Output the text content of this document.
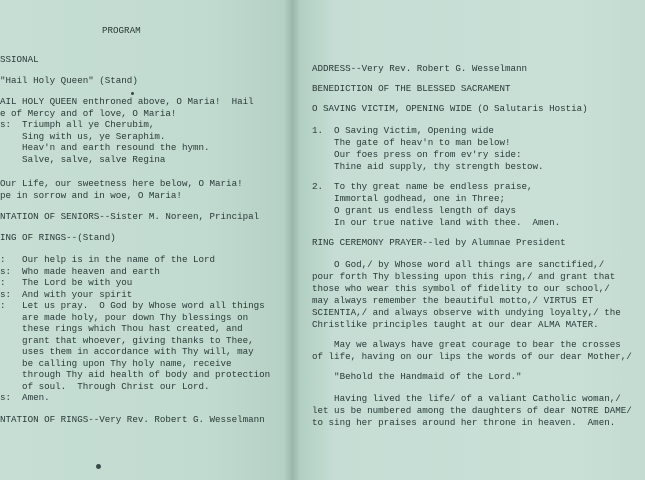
PROGRAM
SSIONAL
"Hail Holy Queen" (Stand)
AIL HOLY QUEEN enthroned above, O Maria!  Hail
e of Mercy and of love, O Maria!
s:  Triumph all ye Cherubim,
Sing with us, ye Seraphim.
Heav'n and earth resound the hymn.
Salve, salve, salve Regina
Our Life, our sweetness here below, O Maria!
pe in sorrow and in woe, O Maria!
NTATION OF SENIORS--Sister M. Noreen, Principal
ING OF RINGS--(Stand)
:   Our help is in the name of the Lord
s:  Who made heaven and earth
:   The Lord be with you
s:  And with your spirit
:   Let us pray.  O God by Whose word all things
are made holy, pour down Thy blessings on
these rings which Thou hast created, and
grant that whoever, giving thanks to Thee,
uses them in accordance with Thy will, may
be calling upon Thy holy name, receive
through Thy aid health of body and protection
of soul.  Through Christ our Lord.
s:  Amen.
NTATION OF RINGS--Very Rev. Robert G. Wesselmann
ADDRESS--Very Rev. Robert G. Wesselmann
BENEDICTION OF THE BLESSED SACRAMENT
O SAVING VICTIM, OPENING WIDE (O Salutaris Hostia)
1.  O Saving Victim, Opening wide
The gate of heav'n to man below!
Our foes press on from ev'ry side:
Thine aid supply, thy strength bestow.
2.  To thy great name be endless praise,
Immortal godhead, one in Three;
O grant us endless length of days
In our true native land with thee.  Amen.
RING CEREMONY PRAYER--led by Alumnae President
O God,/ by Whose word all things are sanctified,/
pour forth Thy blessing upon this ring,/ and grant that
those who wear this symbol of fidelity to our school,/
may always remember the beautiful motto,/ VIRTUS ET
SCIENTIA,/ and always observe with undying loyalty,/ the
Christlike principles taught at our dear ALMA MATER.
May we always have great courage to bear the crosses
of life, having on our lips the words of our dear Mother,/
"Behold the Handmaid of the Lord."
Having lived the life/ of a valiant Catholic woman,/
let us be numbered among the daughters of dear NOTRE DAME/
to sing her praises around her throne in heaven.  Amen.
